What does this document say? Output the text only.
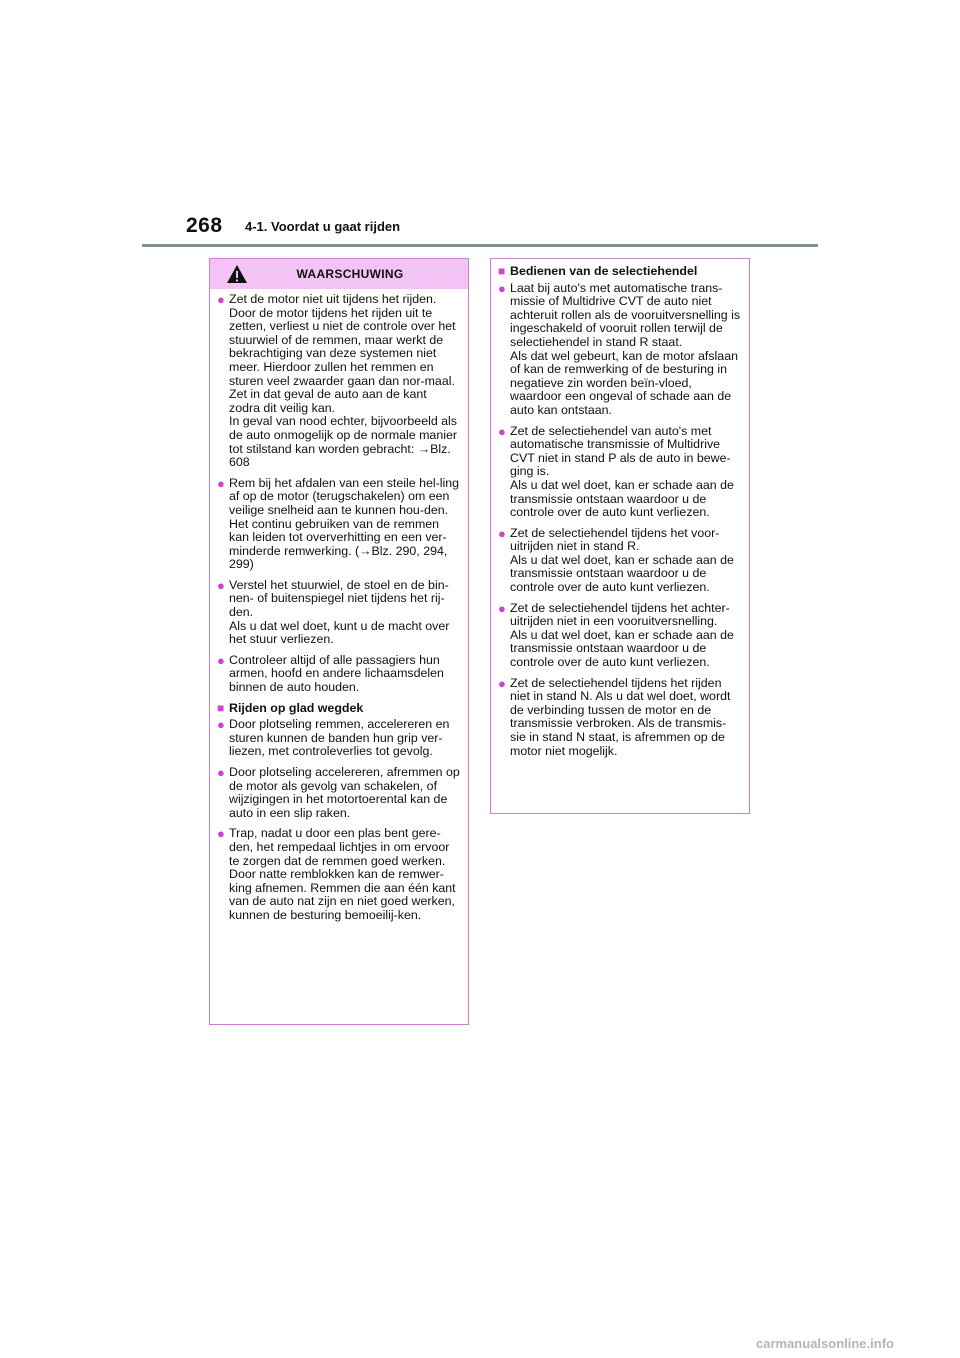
268 4-1. Voordat u gaat rijden
WAARSCHUWING
● Zet de motor niet uit tijdens het rijden.
Door de motor tijdens het rijden uit te zetten, verliest u niet de controle over het stuurwiel of de remmen, maar werkt de bekrachtiging van deze systemen niet meer. Hierdoor zullen het remmen en sturen veel zwaarder gaan dan nor-maal. Zet in dat geval de auto aan de kant zodra dit veilig kan.
In geval van nood echter, bijvoorbeeld als de auto onmogelijk op de normale manier tot stilstand kan worden gebracht: →Blz. 608
● Rem bij het afdalen van een steile hel-ling af op de motor (terugschakelen) om een veilige snelheid aan te kunnen hou-den.
Het continu gebruiken van de remmen kan leiden tot oververhitting en een ver-minderde remwerking. (→Blz. 290, 294, 299)
● Verstel het stuurwiel, de stoel en de bin-nen- of buitenspiegel niet tijdens het rij-den.
Als u dat wel doet, kunt u de macht over het stuur verliezen.
● Controleer altijd of alle passagiers hun armen, hoofd en andere lichaamsdelen binnen de auto houden.
■ Rijden op glad wegdek
● Door plotseling remmen, accelereren en sturen kunnen de banden hun grip ver-liezen, met controleverlies tot gevolg.
● Door plotseling accelereren, afremmen op de motor als gevolg van schakelen, of wijzigingen in het motortoerental kan de auto in een slip raken.
● Trap, nadat u door een plas bent gere-den, het rempedaal lichtjes in om ervoor te zorgen dat de remmen goed werken. Door natte remblokken kan de remwer-king afnemen. Remmen die aan één kant van de auto nat zijn en niet goed werken, kunnen de besturing bemoeilij-ken.
■ Bedienen van de selectiehendel
● Laat bij auto's met automatische trans-missie of Multidrive CVT de auto niet achteruit rollen als de vooruitversnelling is ingeschakeld of vooruit rollen terwijl de selectiehendel in stand R staat.
Als dat wel gebeurt, kan de motor afslaan of kan de remwerking of de besturing in negatieve zin worden beïn-vloed, waardoor een ongeval of schade aan de auto kan ontstaan.
● Zet de selectiehendel van auto's met automatische transmissie of Multidrive CVT niet in stand P als de auto in bewe-ging is.
Als u dat wel doet, kan er schade aan de transmissie ontstaan waardoor u de controle over de auto kunt verliezen.
● Zet de selectiehendel tijdens het voor-uitrijden niet in stand R.
Als u dat wel doet, kan er schade aan de transmissie ontstaan waardoor u de controle over de auto kunt verliezen.
● Zet de selectiehendel tijdens het achter-uitrijden niet in een vooruitversnelling.
Als u dat wel doet, kan er schade aan de transmissie ontstaan waardoor u de controle over de auto kunt verliezen.
● Zet de selectiehendel tijdens het rijden niet in stand N. Als u dat wel doet, wordt de verbinding tussen de motor en de transmissie verbroken. Als de transmis-sie in stand N staat, is afremmen op de motor niet mogelijk.
carmanualsonline.info
